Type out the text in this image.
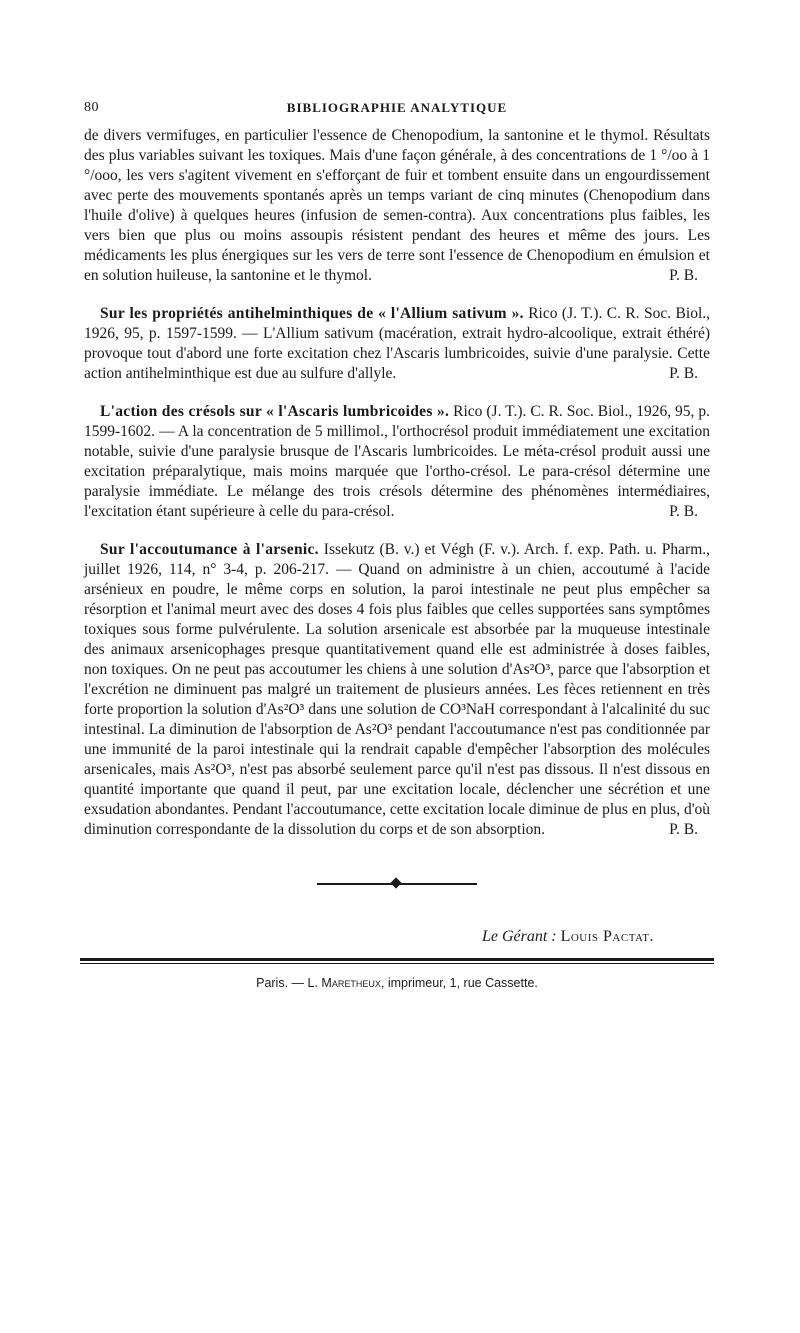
80	BIBLIOGRAPHIE ANALYTIQUE

de divers vermifuges, en particulier l'essence de Chenopodium, la santonine et le thymol. Résultats des plus variables suivant les toxiques. Mais d'une façon générale, à des concentrations de 1 °/oo à 1 °/ooo, les vers s'agitent vivement en s'efforçant de fuir et tombent ensuite dans un engourdissement avec perte des mouvements spontanés après un temps variant de cinq minutes (Chenopodium dans l'huile d'olive) à quelques heures (infusion de semen-contra). Aux concentrations plus faibles, les vers bien que plus ou moins assoupis résistent pendant des heures et même des jours. Les médicaments les plus énergiques sur les vers de terre sont l'essence de Chenopodium en émulsion et en solution huileuse, la santonine et le thymol.	P. B.

Sur les propriétés antihelminthiques de « l'Allium sativum ». Rico (J. T.). C. R. Soc. Biol., 1926, 95, p. 1597-1599. — L'Allium sativum (macération, extrait hydro-alcoolique, extrait éthéré) provoque tout d'abord une forte excitation chez l'Ascaris lumbricoides, suivie d'une paralysie. Cette action antihelminthique est due au sulfure d'allyle.	P. B.

L'action des crésols sur « l'Ascaris lumbricoides ». Rico (J. T.). C. R. Soc. Biol., 1926, 95, p. 1599-1602. — A la concentration de 5 millimol., l'orthocrésol produit immédiatement une excitation notable, suivie d'une paralysie brusque de l'Ascaris lumbricoides. Le méta-crésol produit aussi une excitation préparalytique, mais moins marquée que l'ortho-crésol. Le para-crésol détermine une paralysie immédiate. Le mélange des trois crésols détermine des phénomènes intermédiaires, l'excitation étant supérieure à celle du para-crésol.	P. B.

Sur l'accoutumance à l'arsenic. Issekutz (B. v.) et Végh (F. v.). Arch. f. exp. Path. u. Pharm., juillet 1926, 114, n° 3-4, p. 206-217. — Quand on administre à un chien, accoutumé à l'acide arsénieux en poudre, le même corps en solution, la paroi intestinale ne peut plus empêcher sa résorption et l'animal meurt avec des doses 4 fois plus faibles que celles supportées sans symptômes toxiques sous forme pulvérulente. La solution arsenicale est absorbée par la muqueuse intestinale des animaux arsenicophages presque quantitativement quand elle est administrée à doses faibles, non toxiques. On ne peut pas accoutumer les chiens à une solution d'As²O³, parce que l'absorption et l'excrétion ne diminuent pas malgré un traitement de plusieurs années. Les fèces retiennent en très forte proportion la solution d'As²O³ dans une solution de CO³NaH correspondant à l'alcalinité du suc intestinal. La diminution de l'absorption de As²O³ pendant l'accoutumance n'est pas conditionnée par une immunité de la paroi intestinale qui la rendrait capable d'empêcher l'absorption des molécules arsenicales, mais As²O³, n'est pas absorbé seulement parce qu'il n'est pas dissous. Il n'est dissous en quantité importante que quand il peut, par une excitation locale, déclencher une sécrétion et une exsudation abondantes. Pendant l'accoutumance, cette excitation locale diminue de plus en plus, d'où diminution correspondante de la dissolution du corps et de son absorption.	P. B.

Le Gérant : Louis Pactat.
Paris. — L. Maretheux, imprimeur, 1, rue Cassette.
